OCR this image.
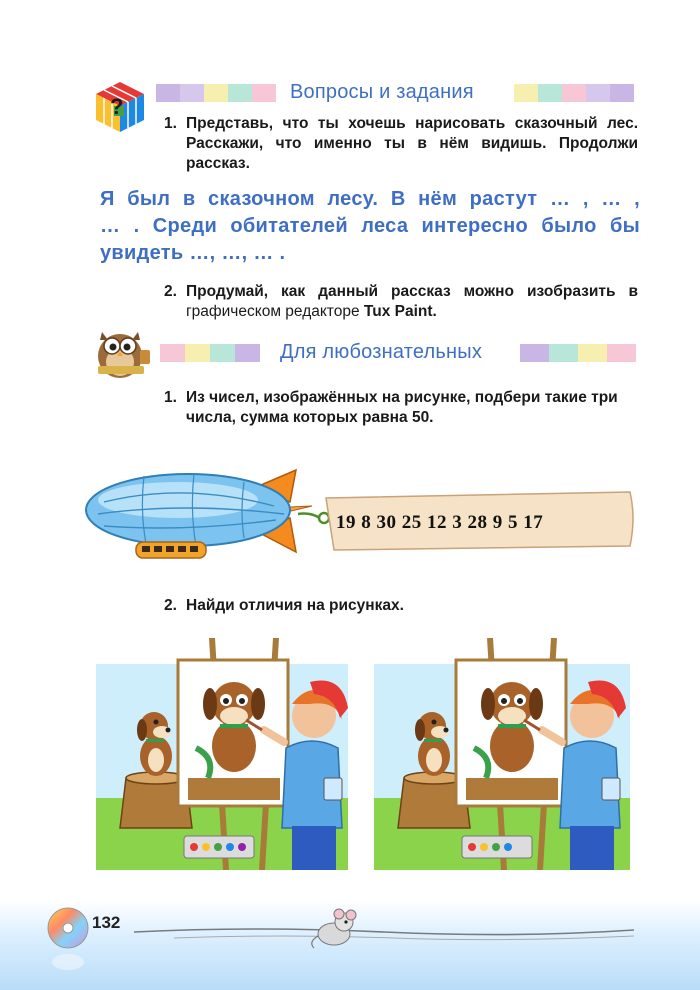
?
Вопросы и задания
1. Представь, что ты хочешь нарисовать сказочный лес.
Расскажи, что именно ты в нём видишь. Продолжи
рассказ.
Я был в сказочном лесу. В нём растут … , … ,
… . Среди обитателей леса интересно было бы
увидеть …, …, … .
2. Продумай, как данный рассказ можно изобразить в
графическом редакторе Tux Paint.
Для любознательных
1. Из чисел, изображённых на рисунке, подбери такие три
числа, сумма которых равна 50.
19 8 30 25 12 3 28 9 5 17
2. Найди отличия на рисунках.
132
